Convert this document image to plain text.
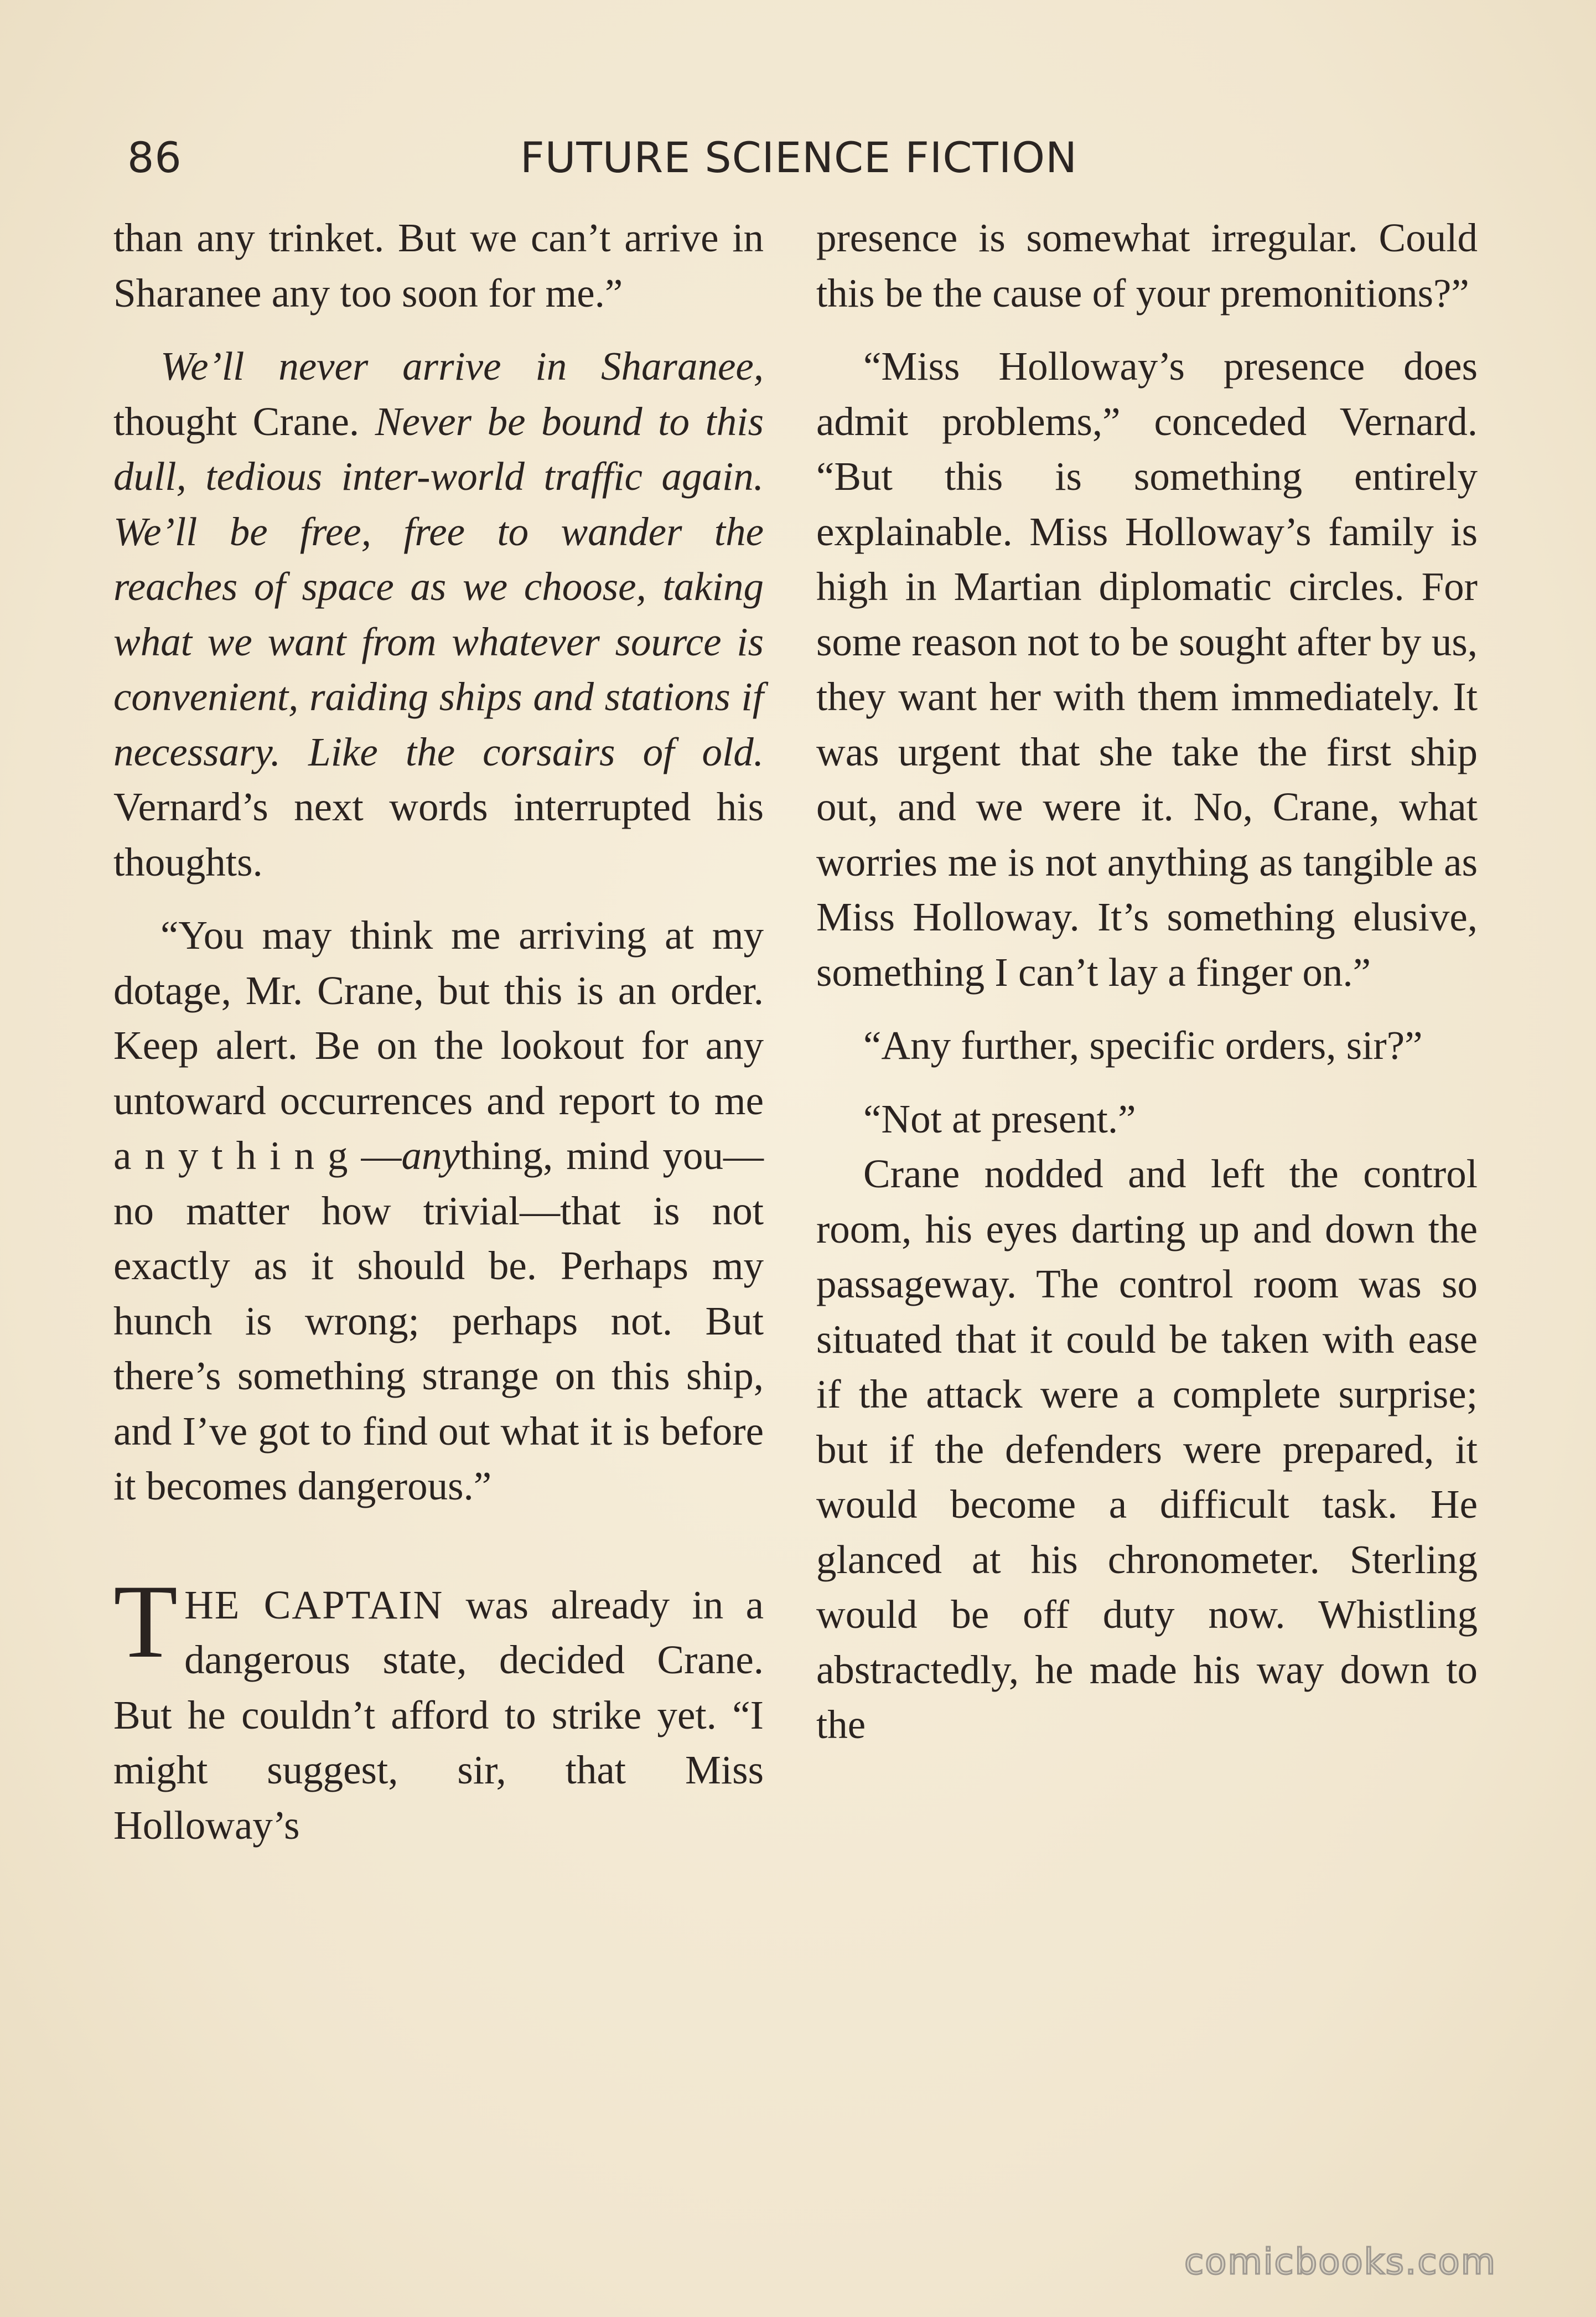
86	FUTURE SCIENCE FICTION

than any trinket. But we can’t arrive in Sharanee any too soon for me.”

We’ll never arrive in Sharanee, thought Crane. Never be bound to this dull, tedious inter-world traffic again. We’ll be free, free to wander the reaches of space as we choose, taking what we want from whatever source is convenient, raiding ships and stations if necessary. Like the corsairs of old. Vernard’s next words interrupted his thoughts.

“You may think me arriving at my dotage, Mr. Crane, but this is an order. Keep alert. Be on the lookout for any untoward occurrences and report to me anything—anything, mind you—no matter how trivial—that is not exactly as it should be. Perhaps my hunch is wrong; perhaps not. But there’s something strange on this ship, and I’ve got to find out what it is before it becomes dangerous.”

THE CAPTAIN was already in a dangerous state, decided Crane. But he couldn’t afford to strike yet. “I might suggest, sir, that Miss Holloway’s

presence is somewhat irregular. Could this be the cause of your premonitions?”

“Miss Holloway’s presence does admit problems,” conceded Vernard. “But this is something entirely explainable. Miss Holloway’s family is high in Martian diplomatic circles. For some reason not to be sought after by us, they want her with them immediately. It was urgent that she take the first ship out, and we were it. No, Crane, what worries me is not anything as tangible as Miss Holloway. It’s something elusive, something I can’t lay a finger on.”

“Any further, specific orders, sir?”

“Not at present.”

Crane nodded and left the control room, his eyes darting up and down the passageway. The control room was so situated that it could be taken with ease if the attack were a complete surprise; but if the defenders were prepared, it would become a difficult task. He glanced at his chronometer. Sterling would be off duty now. Whistling abstractedly, he made his way down to the

comicbooks.com
